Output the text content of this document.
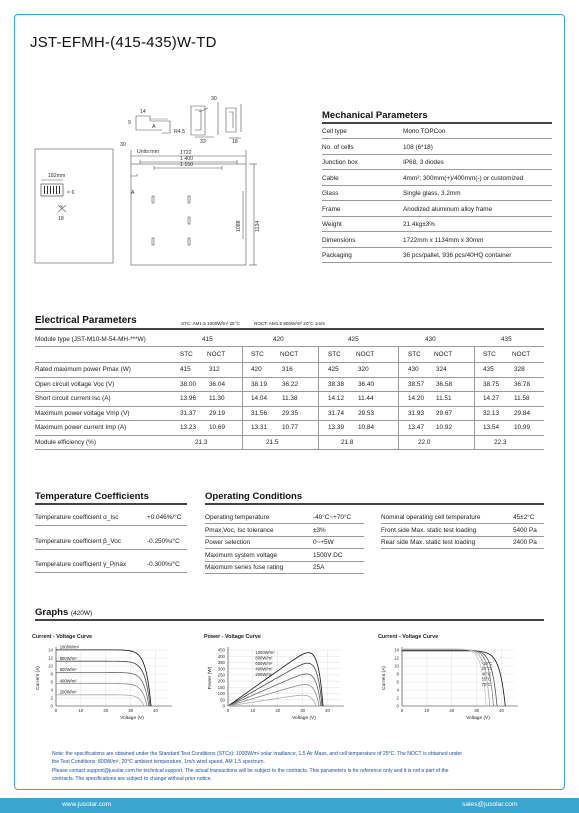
JST-EFMH-(415-435)W-TD
14
9
A
R4.5
33
30
18
30
Units:mm	1722
1 400
1 150
182mm
× 6
×
18
A
1088	1134
Mechanical Parameters
Cell type	Mono TOPCon
No. of cells	108 (6*18)
Junction box	IP68, 3 diodes
Cable	4mm²; 300mm(+)/400mm(-) or customized
Glass	Single glass, 3.2mm
Frame	Anodized aluminum alloy frame
Weight	21.4kg±3%
Dimensions	1722mm x 1134mm x 30mm
Packaging	36 pcs/pallet, 936 pcs/40HQ container
Electrical Parameters	STC: AM1.5 1000W/m² 25°C	NOCT: AM1.5 800W/m² 20°C 1m/s
Module type (JST-M10-M-54-MH-***W)	415	420	425	430	435
STC NOCT	STC	NOCT	STC NOCT	STC NOCT	STC	NOCT
Rated maximum power Pmax (W)	415	312	420	316	425	320	430	324	435	328
Open circuit voltage Voc (V)	38.00 36.04	38.19 36.22	38.38 36.40	38.57 36.58	38.75 36.78
Short circuit current Isc (A)	13.96 11.30	14.04 11.38	14.12 11.44	14.20 11.51	14.27 11.58
Maximum power voltage Vmp (V)	31.37 29.19	31.56 29.35	31.74 29.53	31.93 29.67	32.13 29.84
Maximum power current Imp (A)	13.23 10.69	13.31 10.77	13.39 10.84	13.47 10.92	13.54 10.99
Module efficiency (%)	21.3	21.5	21.8	22.0	22.3
Temperature Coefficients
Temperature coefficient α_Isc	+0.046%/°C
Temperature coefficient β_Voc	-0.250%/°C
Temperature coefficient γ_Pmax	-0.300%/°C
Operating Conditions
Operating temperature	-40°C~+70°C
Pmax,Voc, Isc tolerance	±3%
Power selection	0~+5W
Maximum system voltage	1500V DC
Maximum series fuse rating	25A
Nominal operating cell temperature	45±2°C
Front side Max. static test loading	5400 Pa
Rear side Max. static test loading	2400 Pa
Graphs (420W)
Current - Voltage Curve
0
2
4
6
8
10
12
14
0	10	20	30	40
Voltage (V)
Current (A)
1000W/m²
800W/m²
600W/m²
400W/m²
200W/m²
Power - Voltage Curve
0
50
100
150
200
250
300
350
400
450
0	10	20	30	40
Voltage (V)
Power (W)
1000W/m²
800W/m²
600W/m²
400W/m²
200W/m²
Current - Voltage Curve
0
2
4
6
8
10
12
14
0	10	20	30	40
Voltage (V)
Current (A)
-10°C
25°C
40°C
55°C
70°C
Note: the specifications are obtained under the Standard Test Conditions (STCs): 1000W/m² solar irradiance, 1.5 Air Mass, and cell temperature of 25°C. The NOCT is obtained under
the Test Conditions: 800W/m², 20°C ambient temperature, 1m/s wind speed, AM 1.5 spectrum.
Please contact support@jusolar.com for technical support. The actual transactions will be subject to the contracts. This parameters is for reference only and it is not a part of the
contracts. The specifications are subject to change without prior notice.
www.jusolar.com	sales@jusolar.com
